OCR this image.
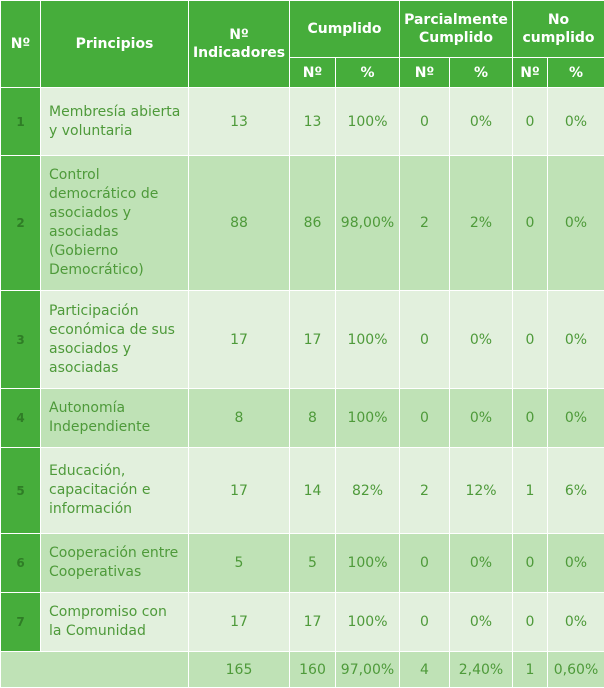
Nº	Principios	Nº Indicadores	Cumplido		Parcialmente Cumplido		No cumplido	
			Nº	%	Nº	%	Nº	%
1	Membresía abierta y voluntaria	13	13	100%	0	0%	0	0%
2	Control democrático de asociados y asociadas (Gobierno Democrático)	88	86	98,00%	2	2%	0	0%
3	Participación económica de sus asociados y asociadas	17	17	100%	0	0%	0	0%
4	Autonomía Independiente	8	8	100%	0	0%	0	0%
5	Educación, capacitación e información	17	14	82%	2	12%	1	6%
6	Cooperación entre Cooperativas	5	5	100%	0	0%	0	0%
7	Compromiso con la Comunidad	17	17	100%	0	0%	0	0%
		165	160	97,00%	4	2,40%	1	0,60%
